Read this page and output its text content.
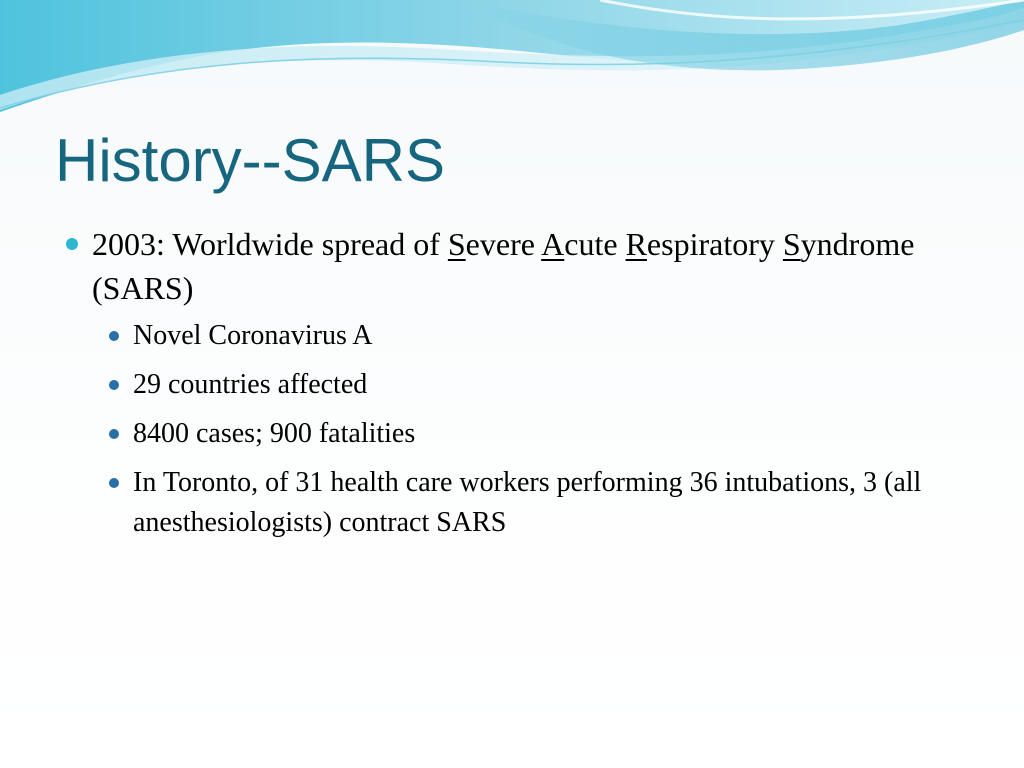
History--SARS
2003: Worldwide spread of Severe Acute Respiratory Syndrome (SARS)
Novel Coronavirus A
29 countries affected
8400 cases; 900 fatalities
In Toronto, of 31 health care workers performing 36 intubations, 3 (all anesthesiologists) contract SARS
